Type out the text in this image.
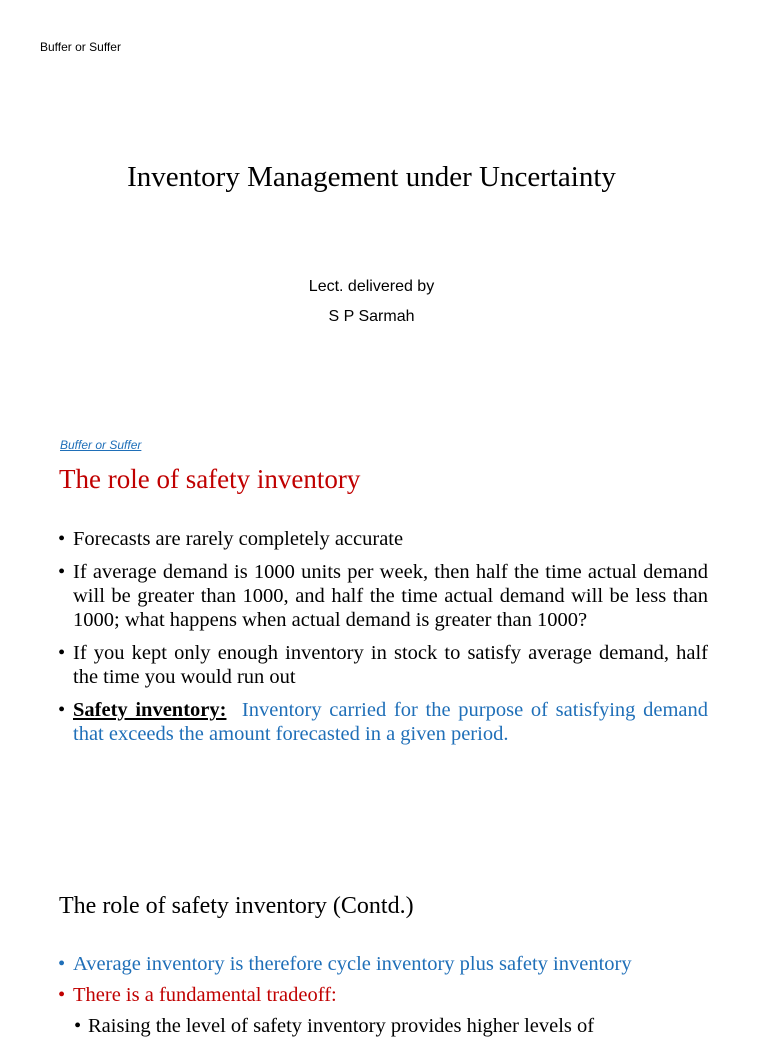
Buffer or Suffer
Inventory Management under Uncertainty
Lect. delivered by
S P Sarmah
Buffer or Suffer
The role of safety inventory
• Forecasts are rarely completely accurate
• If average demand is 1000 units per week, then half the time actual demand will be greater than 1000, and half the time actual demand will be less than 1000; what happens when actual demand is greater than 1000?
• If you kept only enough inventory in stock to satisfy average demand, half the time you would run out
• Safety inventory: Inventory carried for the purpose of satisfying demand that exceeds the amount forecasted in a given period.
The role of safety inventory (Contd.)
• Average inventory is therefore cycle inventory plus safety inventory
• There is a fundamental tradeoff:
• Raising the level of safety inventory provides higher levels of
